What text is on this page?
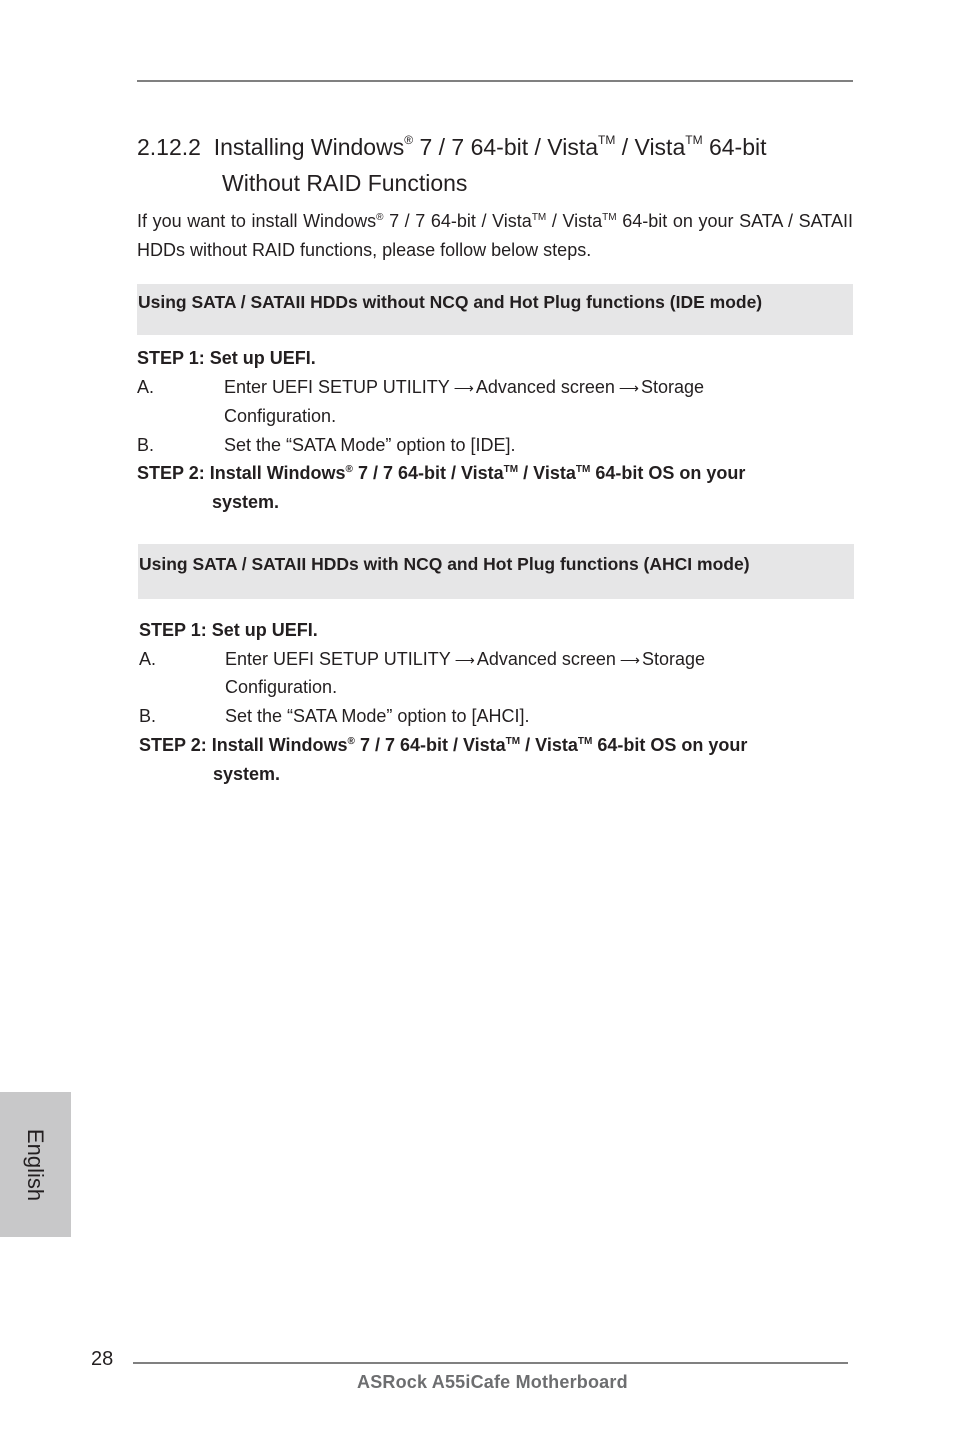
2.12.2 Installing Windows® 7 / 7 64-bit / Vista™ / Vista™ 64-bit
Without RAID Functions
If you want to install Windows® 7 / 7 64-bit / Vista™ / Vista™ 64-bit on your SATA / SATAII HDDs without RAID functions, please follow below steps.
Using SATA / SATAII HDDs without NCQ and Hot Plug functions (IDE mode)
STEP 1: Set up UEFI.
A.	Enter UEFI SETUP UTILITY ⟶ Advanced screen ⟶ Storage
Configuration.
B.	Set the “SATA Mode” option to [IDE].
STEP 2: Install Windows® 7 / 7 64-bit / Vista™ / Vista™ 64-bit OS on your
system.
Using SATA / SATAII HDDs with NCQ and Hot Plug functions (AHCI mode)
STEP 1: Set up UEFI.
A.	Enter UEFI SETUP UTILITY ⟶ Advanced screen ⟶ Storage
Configuration.
B.	Set the “SATA Mode” option to [AHCI].
STEP 2: Install Windows® 7 / 7 64-bit / Vista™ / Vista™ 64-bit OS on your
system.
English
28
ASRock A55iCafe Motherboard
